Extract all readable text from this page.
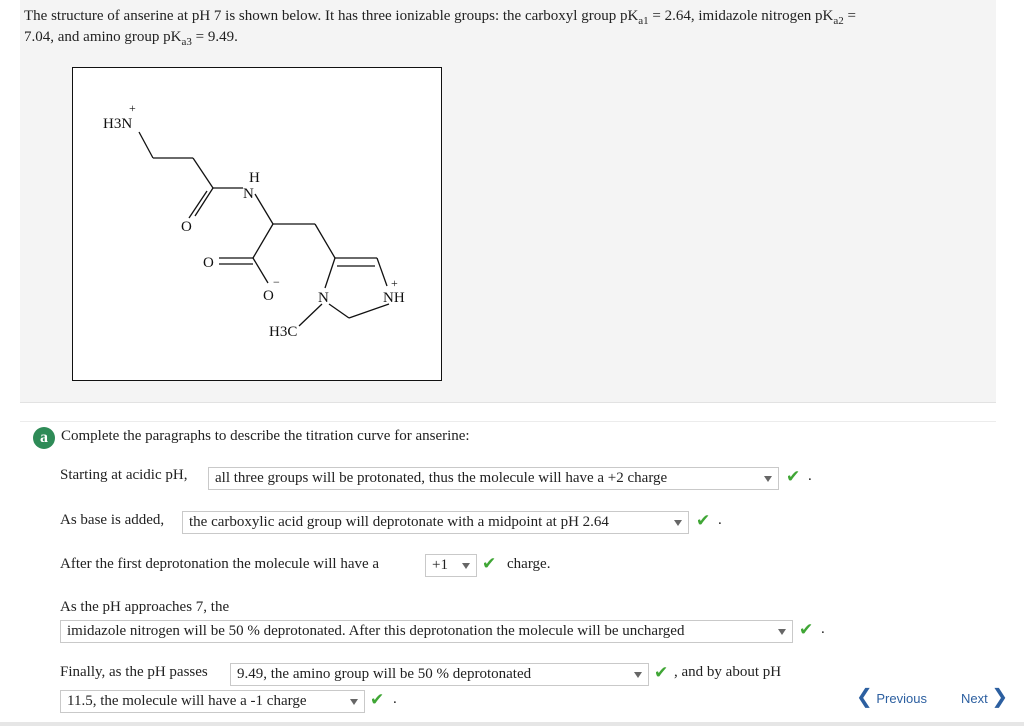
The structure of anserine at pH 7 is shown below. It has three ionizable groups: the carboxyl group $pK_{a1} = 2.64$, imidazole nitrogen $pK_{a2}$ =
7.04, and amino group $pK_{a3} = 9.49$.
H3N
+
N
H
O
O
O
−
N	NH
+
H3C
a Complete the paragraphs to describe the titration curve for anserine:
Starting at acidic pH,	all three groups will be protonated, thus the molecule will have a +2 charge	✔ .
As base is added,	the carboxylic acid group will deprotonate with a midpoint at pH 2.64	✔ .
After the first deprotonation the molecule will have a	+1	✔ charge.
As the pH approaches 7, the
imidazole nitrogen will be 50 % deprotonated. After this deprotonation the molecule will be uncharged	✔ .
Finally, as the pH passes	9.49, the amino group will be 50 % deprotonated	✔ , and by about pH
11.5, the molecule will have a -1 charge	✔ .	❮ Previous	Next ❯
